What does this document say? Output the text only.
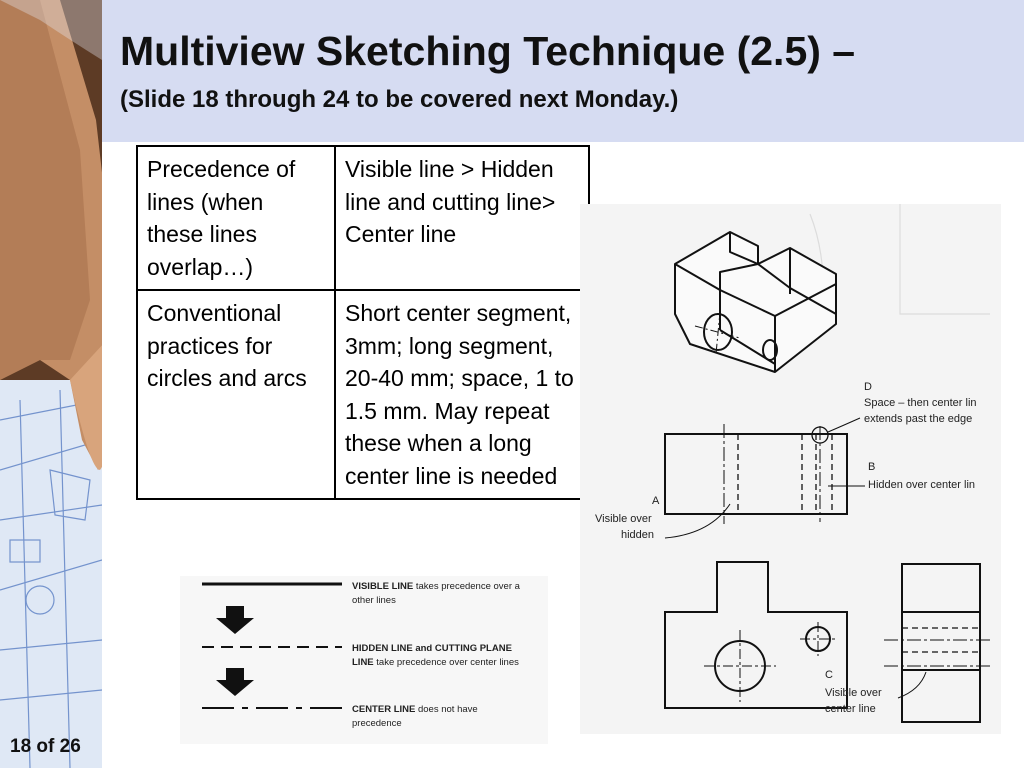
Multiview Sketching Technique (2.5) –
(Slide 18 through 24 to be covered next Monday.)
Precedence of lines (when these lines overlap…)	Visible line > Hidden line and cutting line> Center line
Conventional practices for circles and arcs	Short center segment, 3mm; long segment, 20-40 mm; space, 1 to 1.5 mm. May repeat these when a long center line is needed
VISIBLE LINE takes precedence over a
other lines
HIDDEN LINE and CUTTING PLANE
LINE take precedence over center lines
CENTER LINE does not have
precedence
D
Space – then center lin
extends past the edge
B
Hidden over center lin
A
Visible over
hidden
C
Visible over
center line
18 of 26
